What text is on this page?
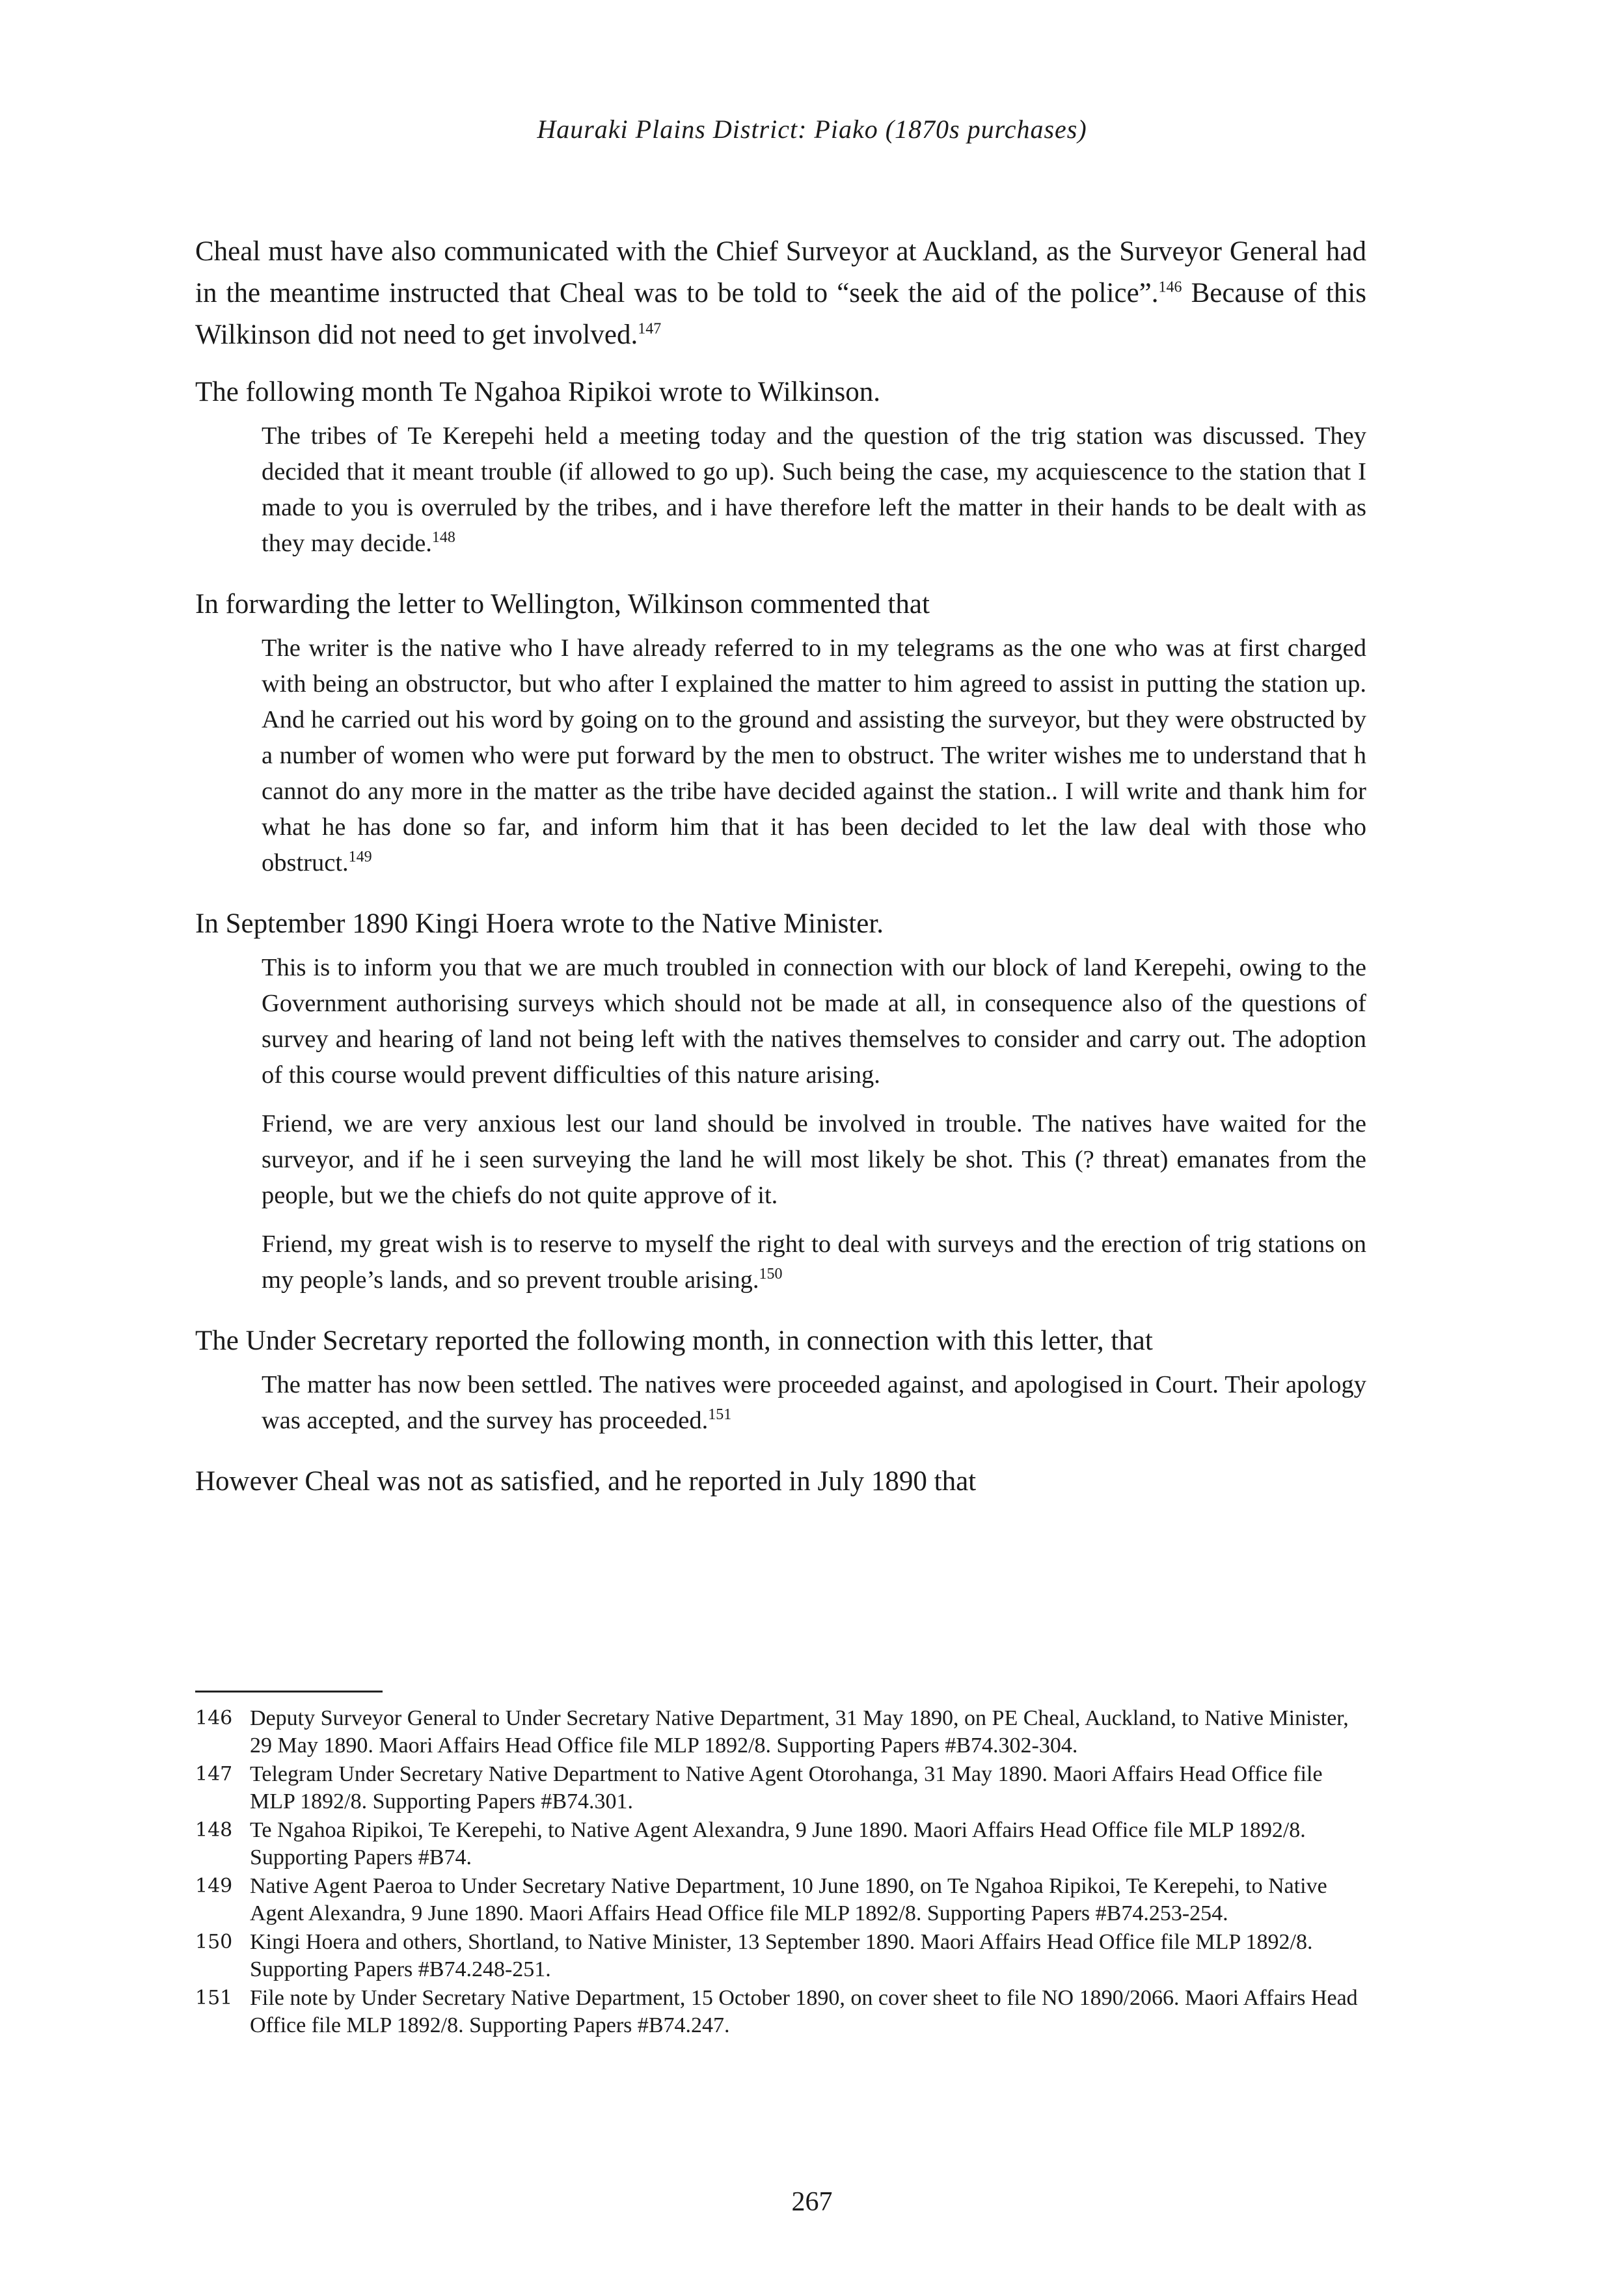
Hauraki Plains District: Piako (1870s purchases)

Cheal must have also communicated with the Chief Surveyor at Auckland, as the Surveyor General had in the meantime instructed that Cheal was to be told to “seek the aid of the police”.$^{146}$ Because of this Wilkinson did not need to get involved.$^{147}$

The following month Te Ngahoa Ripikoi wrote to Wilkinson.

The tribes of Te Kerepehi held a meeting today and the question of the trig station was discussed. They decided that it meant trouble (if allowed to go up). Such being the case, my acquiescence to the station that I made to you is overruled by the tribes, and i have therefore left the matter in their hands to be dealt with as they may decide.$^{148}$

In forwarding the letter to Wellington, Wilkinson commented that

The writer is the native who I have already referred to in my telegrams as the one who was at first charged with being an obstructor, but who after I explained the matter to him agreed to assist in putting the station up. And he carried out his word by going on to the ground and assisting the surveyor, but they were obstructed by a number of women who were put forward by the men to obstruct. The writer wishes me to understand that h cannot do any more in the matter as the tribe have decided against the station.. I will write and thank him for what he has done so far, and inform him that it has been decided to let the law deal with those who obstruct.$^{149}$

In September 1890 Kingi Hoera wrote to the Native Minister.

This is to inform you that we are much troubled in connection with our block of land Kerepehi, owing to the Government authorising surveys which should not be made at all, in consequence also of the questions of survey and hearing of land not being left with the natives themselves to consider and carry out. The adoption of this course would prevent difficulties of this nature arising.

Friend, we are very anxious lest our land should be involved in trouble. The natives have waited for the surveyor, and if he i seen surveying the land he will most likely be shot. This (? threat) emanates from the people, but we the chiefs do not quite approve of it.

Friend, my great wish is to reserve to myself the right to deal with surveys and the erection of trig stations on my people’s lands, and so prevent trouble arising.$^{150}$

The Under Secretary reported the following month, in connection with this letter, that

The matter has now been settled. The natives were proceeded against, and apologised in Court. Their apology was accepted, and the survey has proceeded.$^{151}$

However Cheal was not as satisfied, and he reported in July 1890 that

146 Deputy Surveyor General to Under Secretary Native Department, 31 May 1890, on PE Cheal, Auckland, to Native Minister, 29 May 1890. Maori Affairs Head Office file MLP 1892/8. Supporting Papers #B74.302-304.
147 Telegram Under Secretary Native Department to Native Agent Otorohanga, 31 May 1890. Maori Affairs Head Office file MLP 1892/8. Supporting Papers #B74.301.
148 Te Ngahoa Ripikoi, Te Kerepehi, to Native Agent Alexandra, 9 June 1890. Maori Affairs Head Office file MLP 1892/8. Supporting Papers #B74.
149 Native Agent Paeroa to Under Secretary Native Department, 10 June 1890, on Te Ngahoa Ripikoi, Te Kerepehi, to Native Agent Alexandra, 9 June 1890. Maori Affairs Head Office file MLP 1892/8. Supporting Papers #B74.253-254.
150 Kingi Hoera and others, Shortland, to Native Minister, 13 September 1890. Maori Affairs Head Office file MLP 1892/8. Supporting Papers #B74.248-251.
151 File note by Under Secretary Native Department, 15 October 1890, on cover sheet to file NO 1890/2066. Maori Affairs Head Office file MLP 1892/8. Supporting Papers #B74.247.
267
